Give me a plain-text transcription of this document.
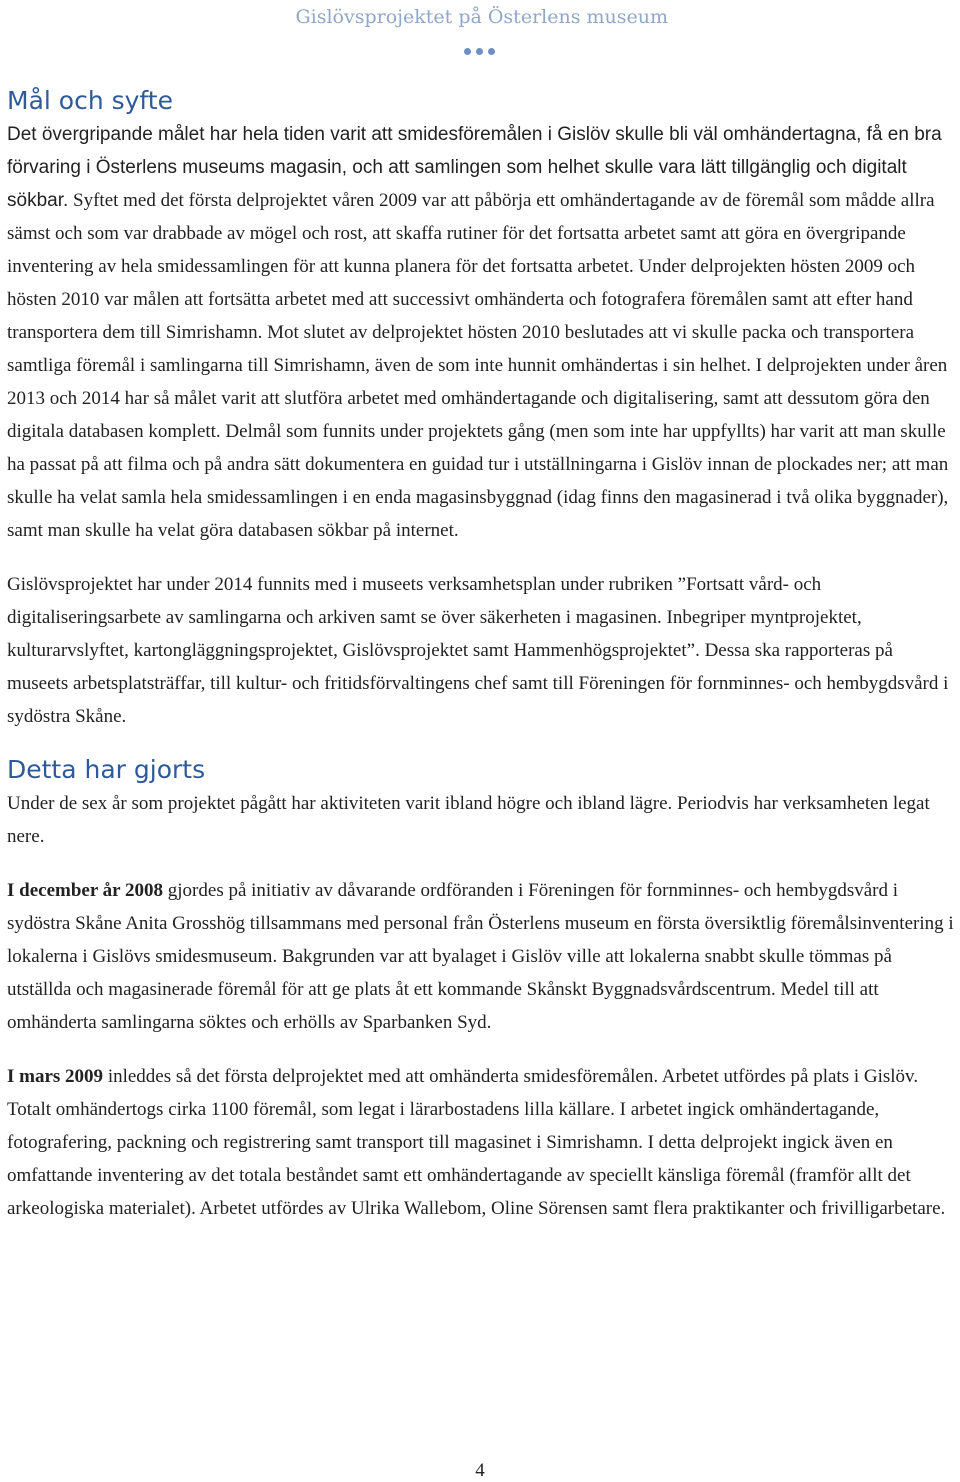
Gislövsprojektet på Österlens museum
Mål och syfte

Det övergripande målet har hela tiden varit att smidesföremålen i Gislöv skulle bli väl omhändertagna, få en bra förvaring i Österlens museums magasin, och att samlingen som helhet skulle vara lätt tillgänglig och digitalt sökbar. Syftet med det första delprojektet våren 2009 var att påbörja ett omhändertagande av de föremål som mådde allra sämst och som var drabbade av mögel och rost, att skaffa rutiner för det fortsatta arbetet samt att göra en övergripande inventering av hela smidessamlingen för att kunna planera för det fortsatta arbetet. Under delprojekten hösten 2009 och hösten 2010 var målen att fortsätta arbetet med att successivt omhänderta och fotografera föremålen samt att efter hand transportera dem till Simrishamn. Mot slutet av delprojektet hösten 2010 beslutades att vi skulle packa och transportera samtliga föremål i samlingarna till Simrishamn, även de som inte hunnit omhändertas i sin helhet. I delprojekten under åren 2013 och 2014 har så målet varit att slutföra arbetet med omhändertagande och digitalisering, samt att dessutom göra den digitala databasen komplett. Delmål som funnits under projektets gång (men som inte har uppfyllts) har varit att man skulle ha passat på att filma och på andra sätt dokumentera en guidad tur i utställningarna i Gislöv innan de plockades ner; att man skulle ha velat samla hela smidessamlingen i en enda magasinsbyggnad (idag finns den magasinerad i två olika byggnader), samt man skulle ha velat göra databasen sökbar på internet.

Gislövsprojektet har under 2014 funnits med i museets verksamhetsplan under rubriken ”Fortsatt vård- och digitaliseringsarbete av samlingarna och arkiven samt se över säkerheten i magasinen. Inbegriper myntprojektet, kulturarvslyftet, kartongläggningsprojektet, Gislövsprojektet samt Hammenhögsprojektet”. Dessa ska rapporteras på museets arbetsplatsträffar, till kultur- och fritidsförvaltingens chef samt till Föreningen för fornminnes- och hembygdsvård i sydöstra Skåne.

Detta har gjorts

Under de sex år som projektet pågått har aktiviteten varit ibland högre och ibland lägre. Periodvis har verksamheten legat nere.

I december år 2008 gjordes på initiativ av dåvarande ordföranden i Föreningen för fornminnes- och hembygdsvård i sydöstra Skåne Anita Grosshög tillsammans med personal från Österlens museum en första översiktlig föremålsinventering i lokalerna i Gislövs smidesmuseum. Bakgrunden var att byalaget i Gislöv ville att lokalerna snabbt skulle tömmas på utställda och magasinerade föremål för att ge plats åt ett kommande Skånskt Byggnadsvårdscentrum. Medel till att omhänderta samlingarna söktes och erhölls av Sparbanken Syd.

I mars 2009 inleddes så det första delprojektet med att omhänderta smidesföremålen. Arbetet utfördes på plats i Gislöv. Totalt omhändertogs cirka 1100 föremål, som legat i lärarbostadens lilla källare. I arbetet ingick omhändertagande, fotografering, packning och registrering samt transport till magasinet i Simrishamn. I detta delprojekt ingick även en omfattande inventering av det totala beståndet samt ett omhändertagande av speciellt känsliga föremål (framför allt det arkeologiska materialet). Arbetet utfördes av Ulrika Wallebom, Oline Sörensen samt flera praktikanter och frivilligarbetare.

4
